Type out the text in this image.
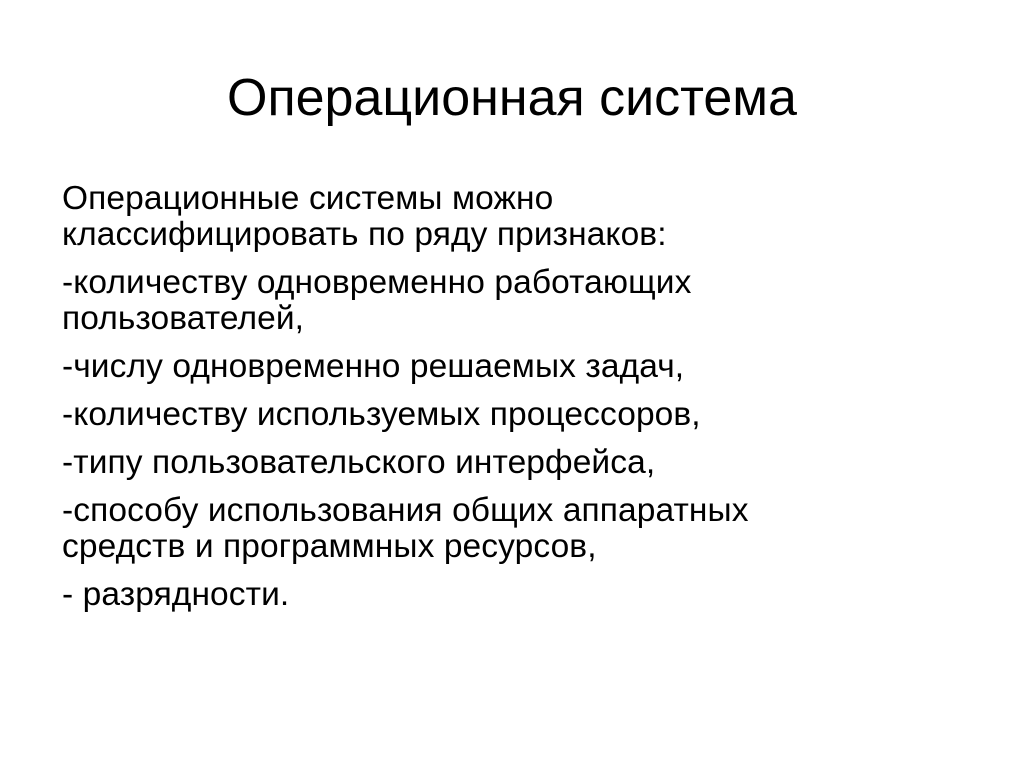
Операционная система
Операционные системы можно
классифицировать по ряду признаков:
-количеству одновременно работающих
пользователей,
-числу одновременно решаемых задач,
-количеству используемых процессоров,
-типу пользовательского интерфейса,
-способу использования общих аппаратных
средств и программных ресурсов,
- разрядности.
